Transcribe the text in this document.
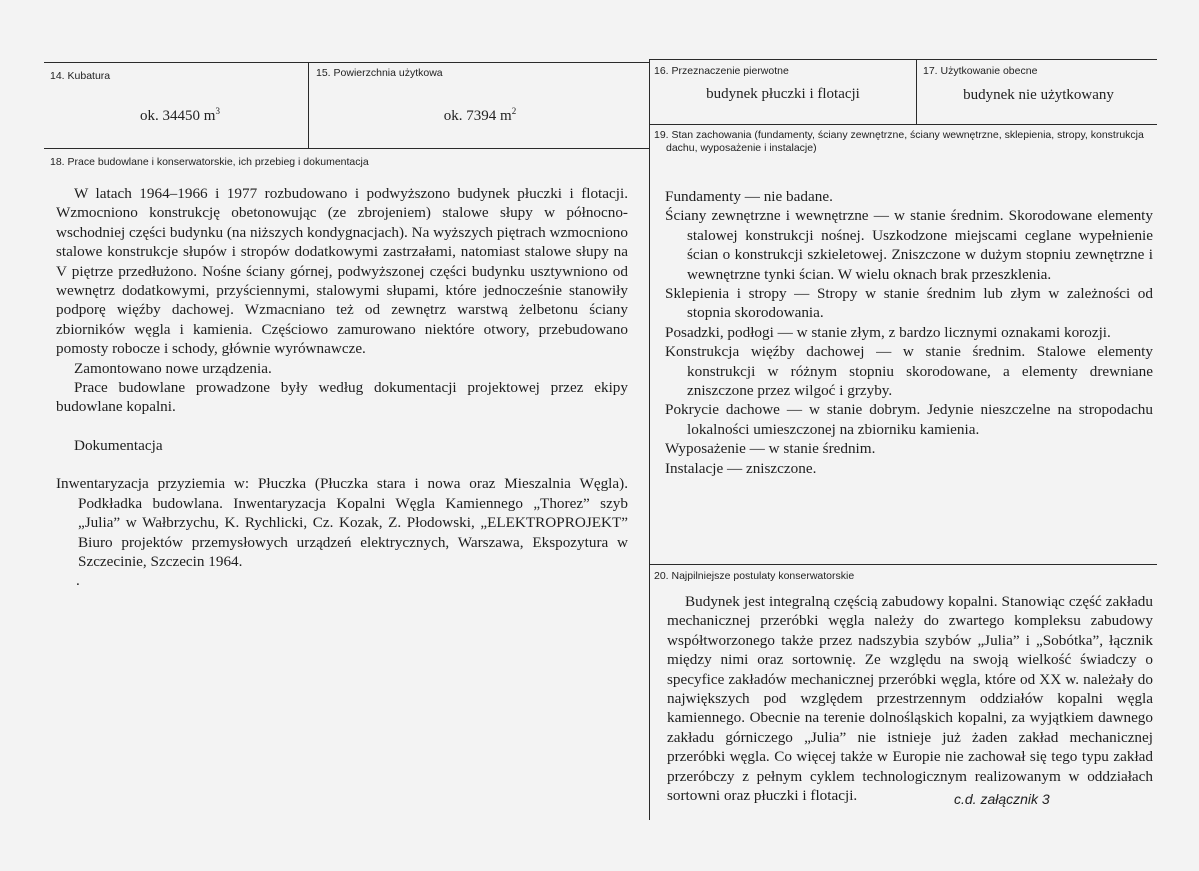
14. Kubatura
ok. 34450 $m^3$
15. Powierzchnia użytkowa
ok. 7394 $m^2$
16. Przeznaczenie pierwotne
budynek płuczki i flotacji
17. Użytkowanie obecne
budynek nie użytkowany
18. Prace budowlane i konserwatorskie, ich przebieg i dokumentacja

W latach 1964–1966 i 1977 rozbudowano i podwyższono budynek płuczki i flotacji. Wzmocniono konstrukcję obetonowując (ze zbrojeniem) stalowe słupy w północno-wschodniej części budynku (na niższych kondygnacjach). Na wyższych piętrach wzmocniono stalowe konstrukcje słupów i stropów dodatkowymi zastrzałami, natomiast stalowe słupy na V piętrze przedłużono. Nośne ściany górnej, podwyższonej części budynku usztywniono od wewnętrz dodatkowymi, przyściennymi, stalowymi słupami, które jednocześnie stanowiły podporę więźby dachowej. Wzmacniano też od zewnętrz warstwą żelbetonu ściany zbiorników węgla i kamienia. Częściowo zamurowano niektóre otwory, przebudowano pomosty robocze i schody, głównie wyrównawcze.

Zamontowano nowe urządzenia.

Prace budowlane prowadzone były według dokumentacji projektowej przez ekipy budowlane kopalni.

Dokumentacja

Inwentaryzacja przyziemia w: Płuczka (Płuczka stara i nowa oraz Mieszalnia Węgla). Podkładka budowlana. Inwentaryzacja Kopalni Węgla Kamiennego „Thorez” szyb „Julia” w Wałbrzychu, K. Rychlicki, Cz. Kozak, Z. Płodowski, „ELEKTROPROJEKT” Biuro projektów przemysłowych urządzeń elektrycznych, Warszawa, Ekspozytura w Szczecinie, Szczecin 1964.

.

19. Stan zachowania (fundamenty, ściany zewnętrzne, ściany wewnętrzne, sklepienia, stropy, konstrukcja dachu, wyposażenie i instalacje)

Fundamenty — nie badane.

Ściany zewnętrzne i wewnętrzne — w stanie średnim. Skorodowane elementy stalowej konstrukcji nośnej. Uszkodzone miejscami ceglane wypełnienie ścian o konstrukcji szkieletowej. Zniszczone w dużym stopniu zewnętrzne i wewnętrzne tynki ścian. W wielu oknach brak przeszklenia.

Sklepienia i stropy — Stropy w stanie średnim lub złym w zależności od stopnia skorodowania.

Posadzki, podłogi — w stanie złym, z bardzo licznymi oznakami korozji.

Konstrukcja więźby dachowej — w stanie średnim. Stalowe elementy konstrukcji w różnym stopniu skorodowane, a elementy drewniane zniszczone przez wilgoć i grzyby.

Pokrycie dachowe — w stanie dobrym. Jedynie nieszczelne na stropodachu lokalności umieszczonej na zbiorniku kamienia.

Wyposażenie — w stanie średnim.

Instalacje — zniszczone.

20. Najpilniejsze postulaty konserwatorskie

Budynek jest integralną częścią zabudowy kopalni. Stanowiąc część zakładu mechanicznej przeróbki węgla należy do zwartego kompleksu zabudowy współtworzonego także przez nadszybia szybów „Julia” i „Sobótka”, łącznik między nimi oraz sortownię. Ze względu na swoją wielkość świadczy o specyfice zakładów mechanicznej przeróbki węgla, które od XX w. należały do największych pod względem przestrzennym oddziałów kopalni węgla kamiennego. Obecnie na terenie dolnośląskich kopalni, za wyjątkiem dawnego zakładu górniczego „Julia” nie istnieje już żaden zakład mechanicznej przeróbki węgla. Co więcej także w Europie nie zachował się tego typu zakład przeróbczy z pełnym cyklem technologicznym realizowanym w oddziałach sortowni oraz płuczki i flotacji.	c.d. załącznik 3
